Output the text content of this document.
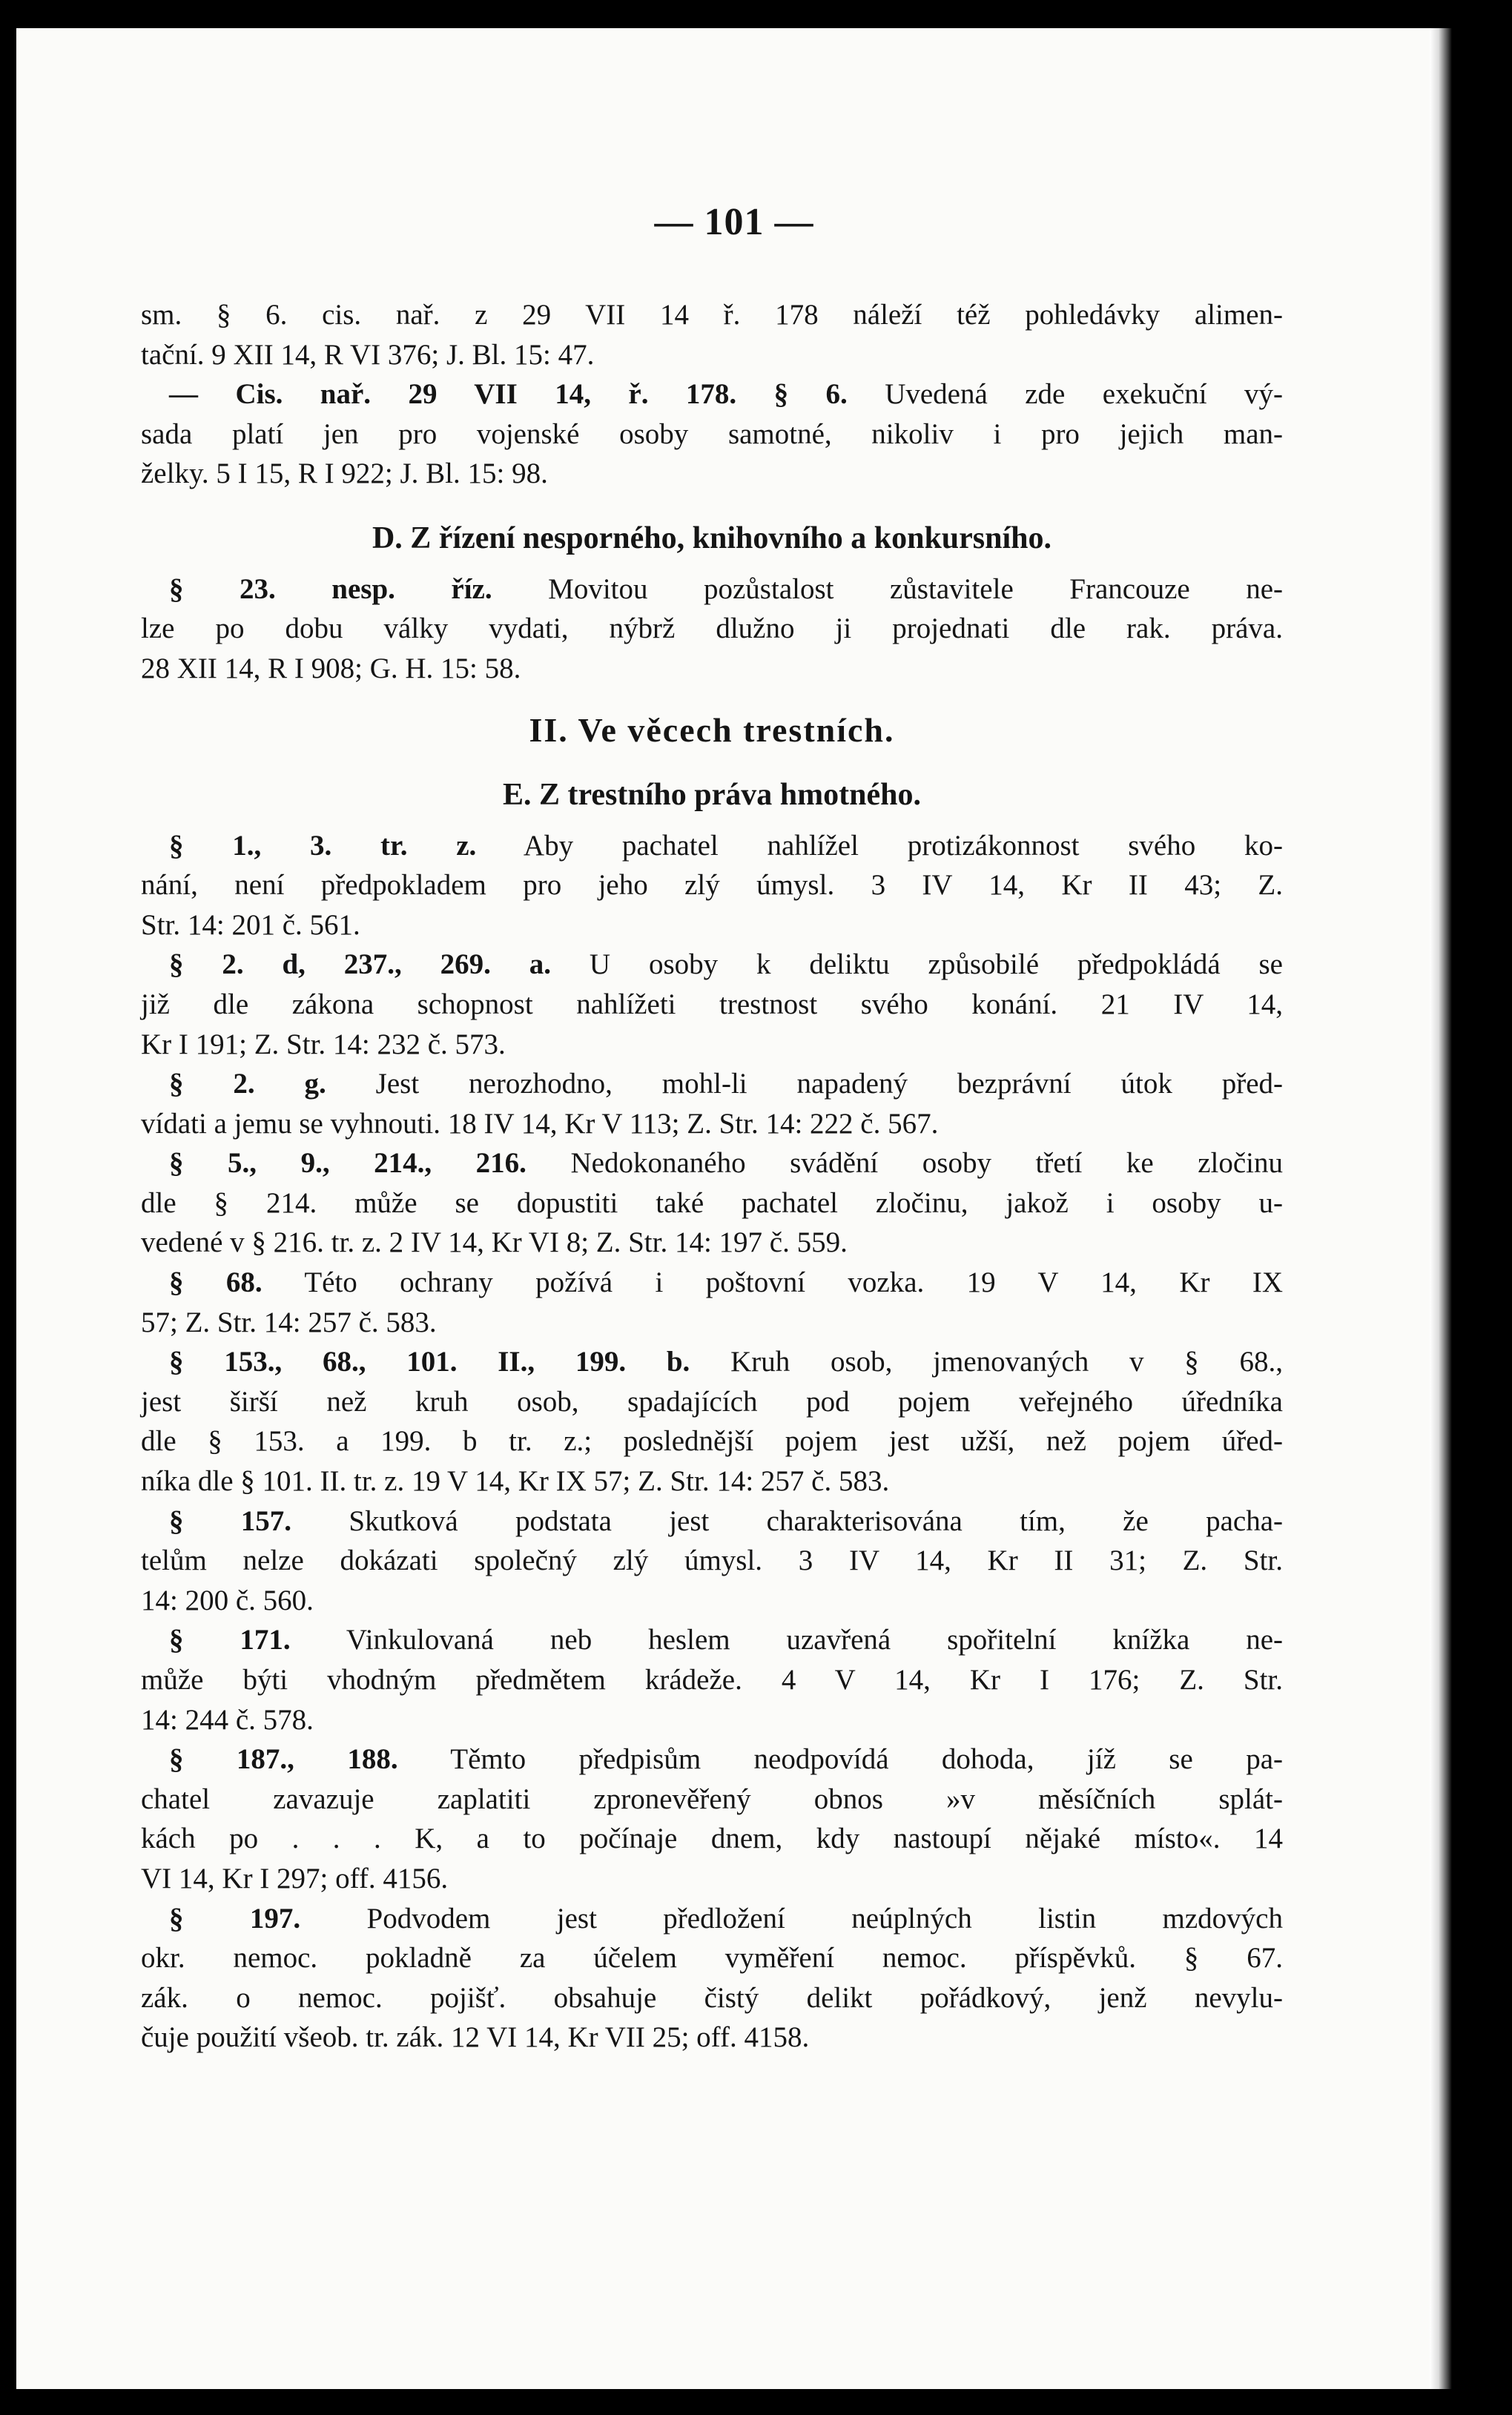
— 101 —
sm. § 6. cis. nař. z 29 VII 14 ř. 178 náleží též pohledávky alimen-
tační. 9 XII 14, R VI 376; J. Bl. 15: 47.
— Cis. nař. 29 VII 14, ř. 178. § 6. Uvedená zde exekuční vý-
sada platí jen pro vojenské osoby samotné, nikoliv i pro jejich man-
želky. 5 I 15, R I 922; J. Bl. 15: 98.
D. Z řízení nesporného, knihovního a konkursního.
§ 23. nesp. říz. Movitou pozůstalost zůstavitele Francouze ne-
lze po dobu války vydati, nýbrž dlužno ji projednati dle rak. práva.
28 XII 14, R I 908; G. H. 15: 58.
II. Ve věcech trestních.
E. Z trestního práva hmotného.
§ 1., 3. tr. z. Aby pachatel nahlížel protizákonnost svého ko-
nání, není předpokladem pro jeho zlý úmysl. 3 IV 14, Kr II 43; Z.
Str. 14: 201 č. 561.
§ 2. d, 237., 269. a. U osoby k deliktu způsobilé předpokládá se
již dle zákona schopnost nahlížeti trestnost svého konání. 21 IV 14,
Kr I 191; Z. Str. 14: 232 č. 573.
§ 2. g. Jest nerozhodno, mohl-li napadený bezprávní útok před-
vídati a jemu se vyhnouti. 18 IV 14, Kr V 113; Z. Str. 14: 222 č. 567.
§ 5., 9., 214., 216. Nedokonaného svádění osoby třetí ke zločinu
dle § 214. může se dopustiti také pachatel zločinu, jakož i osoby u-
vedené v § 216. tr. z. 2 IV 14, Kr VI 8; Z. Str. 14: 197 č. 559.
§ 68. Této ochrany požívá i poštovní vozka. 19 V 14, Kr IX
57; Z. Str. 14: 257 č. 583.
§ 153., 68., 101. II., 199. b. Kruh osob, jmenovaných v § 68.,
jest širší než kruh osob, spadajících pod pojem veřejného úředníka
dle § 153. a 199. b tr. z.; poslednější pojem jest užší, než pojem úřed-
níka dle § 101. II. tr. z. 19 V 14, Kr IX 57; Z. Str. 14: 257 č. 583.
§ 157. Skutková podstata jest charakterisována tím, že pacha-
telům nelze dokázati společný zlý úmysl. 3 IV 14, Kr II 31; Z. Str.
14: 200 č. 560.
§ 171. Vinkulovaná neb heslem uzavřená spořitelní knížka ne-
může býti vhodným předmětem krádeže. 4 V 14, Kr I 176; Z. Str.
14: 244 č. 578.
§ 187., 188. Těmto předpisům neodpovídá dohoda, jíž se pa-
chatel zavazuje zaplatiti zpronevěřený obnos »v měsíčních splát-
kách po . . . K, a to počínaje dnem, kdy nastoupí nějaké místo«. 14
VI 14, Kr I 297; off. 4156.
§ 197. Podvodem jest předložení neúplných listin mzdových
okr. nemoc. pokladně za účelem vyměření nemoc. příspěvků. § 67.
zák. o nemoc. pojišť. obsahuje čistý delikt pořádkový, jenž nevylu-
čuje použití všeob. tr. zák. 12 VI 14, Kr VII 25; off. 4158.
